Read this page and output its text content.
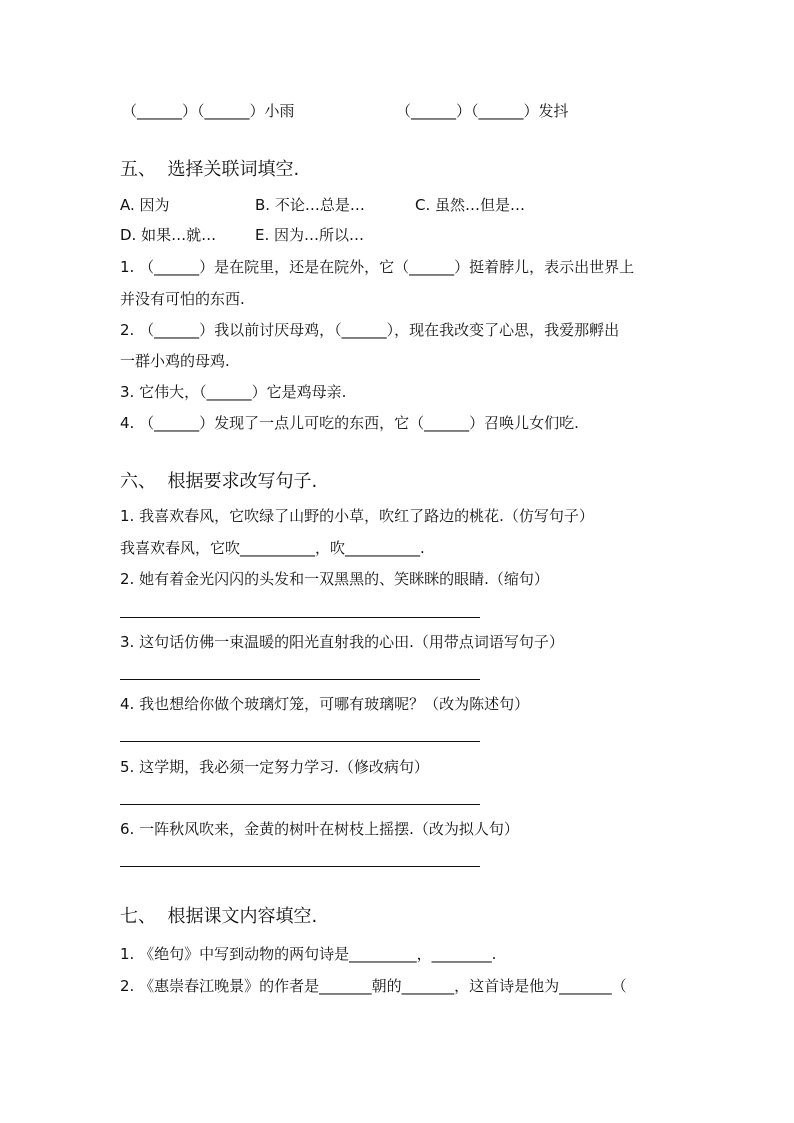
（______）（______）小雨	（______）（______）发抖
五、  选择关联词填空.
A. 因为	B. 不论…总是…	C. 虽然…但是…
D. 如果…就…	E. 因为…所以…
1. （______）是在院里，还是在院外，它（______）挺着脖儿，表示出世界上
并没有可怕的东西.
2. （______）我以前讨厌母鸡，（______），现在我改变了心思，我爱那孵出
一群小鸡的母鸡.
3. 它伟大，（______）它是鸡母亲.
4. （______）发现了一点儿可吃的东西，它（______）召唤儿女们吃.
六、  根据要求改写句子.
1. 我喜欢春风，它吹绿了山野的小草，吹红了路边的桃花.（仿写句子）
我喜欢春风，它吹__________，吹__________.
2. 她有着金光闪闪的头发和一双黑黑的、笑眯眯的眼睛.（缩句）
3. 这句话仿佛一束温暖的阳光直射我的心田.（用带点词语写句子）
4. 我也想给你做个玻璃灯笼，可哪有玻璃呢？（改为陈述句）
5. 这学期，我必须一定努力学习.（修改病句）
6. 一阵秋风吹来，金黄的树叶在树枝上摇摆.（改为拟人句）
七、  根据课文内容填空.
1. 《绝句》中写到动物的两句诗是_________，________.
2. 《惠崇春江晚景》的作者是_______朝的_______，这首诗是他为_______（
